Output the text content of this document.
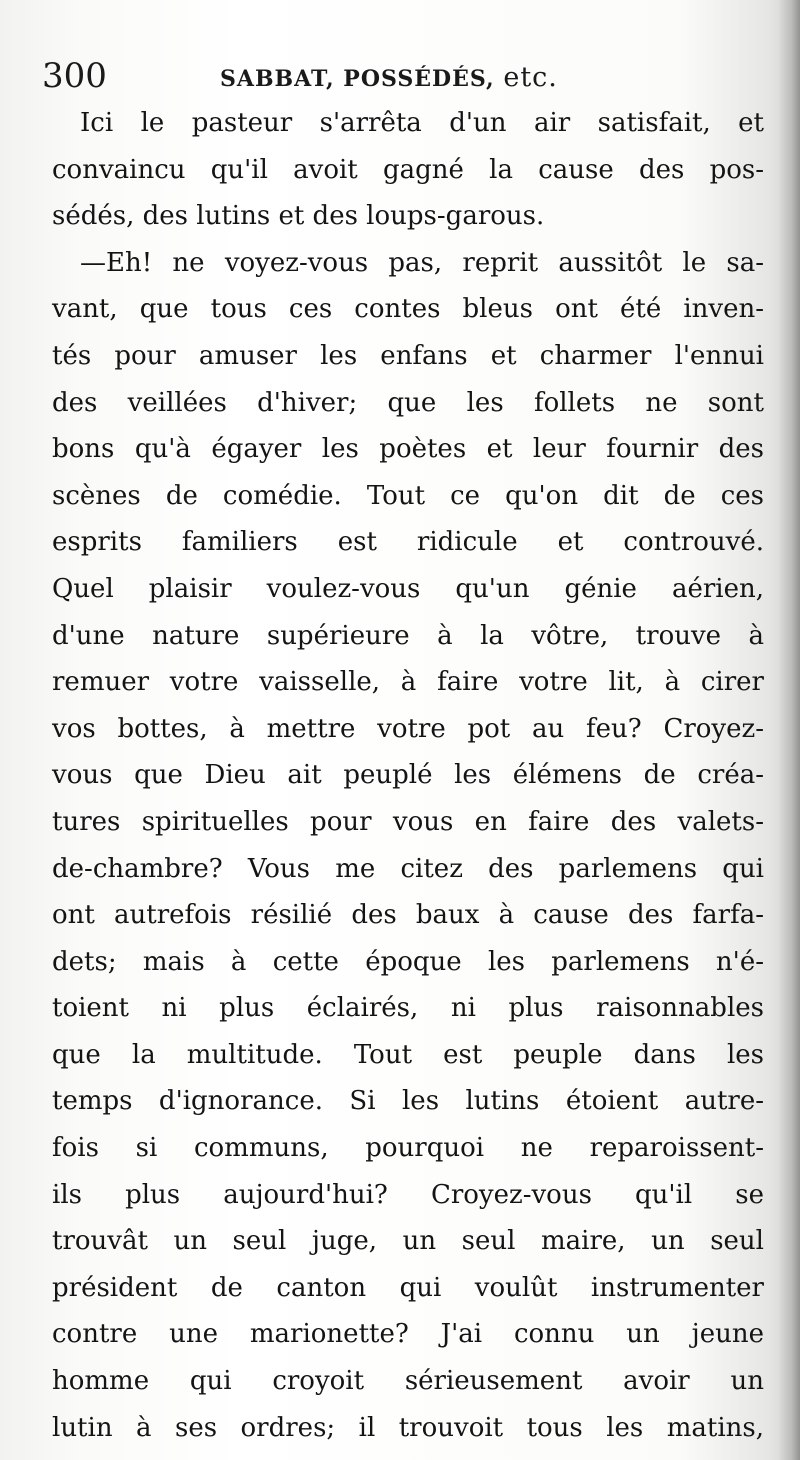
300	SABBAT, POSSÉDÉS, etc.
Ici le pasteur s'arrêta d'un air satisfait, et
convaincu qu'il avoit gagné la cause des pos-
sédés, des lutins et des loups-garous.
—Eh! ne voyez-vous pas, reprit aussitôt le sa-
vant, que tous ces contes bleus ont été inven-
tés pour amuser les enfans et charmer l'ennui
des veillées d'hiver; que les follets ne sont
bons qu'à égayer les poètes et leur fournir des
scènes de comédie. Tout ce qu'on dit de ces
esprits familiers est ridicule et controuvé.
Quel plaisir voulez-vous qu'un génie aérien,
d'une nature supérieure à la vôtre, trouve à
remuer votre vaisselle, à faire votre lit, à cirer
vos bottes, à mettre votre pot au feu? Croyez-
vous que Dieu ait peuplé les élémens de créa-
tures spirituelles pour vous en faire des valets-
de-chambre? Vous me citez des parlemens qui
ont autrefois résilié des baux à cause des farfa-
dets; mais à cette époque les parlemens n'é-
toient ni plus éclairés, ni plus raisonnables
que la multitude. Tout est peuple dans les
temps d'ignorance. Si les lutins étoient autre-
fois si communs, pourquoi ne reparoissent-
ils plus aujourd'hui? Croyez-vous qu'il se
trouvât un seul juge, un seul maire, un seul
président de canton qui voulût instrumenter
contre une marionette? J'ai connu un jeune
homme qui croyoit sérieusement avoir un
lutin à ses ordres; il trouvoit tous les matins,
